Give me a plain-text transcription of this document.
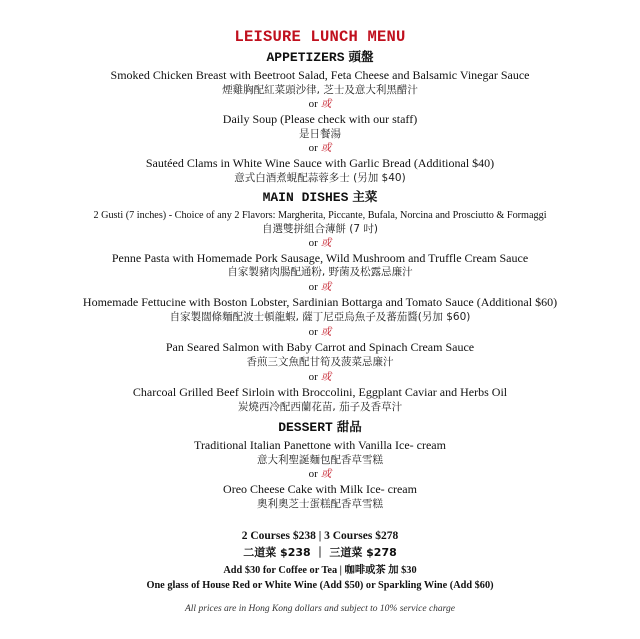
LEISURE LUNCH MENU
APPETIZERS 頭盤
Smoked Chicken Breast with Beetroot Salad, Feta Cheese and Balsamic Vinegar Sauce
煙雞胸配紅菜頭沙律, 芝士及意大利黑醋汁
or 或
Daily Soup (Please check with our staff)
是日餐湯
or 或
Sautéed Clams in White Wine Sauce with Garlic Bread (Additional $40)
意式白酒煮蜆配蒜蓉多士 (另加 $40)
MAIN DISHES 主菜
2 Gusti (7 inches) - Choice of any 2 Flavors: Margherita, Piccante, Bufala, Norcina and Prosciutto & Formaggi
自選雙拼組合薄餅 (7 吋)
or 或
Penne Pasta with Homemade Pork Sausage, Wild Mushroom and Truffle Cream Sauce
自家製豬肉腸配通粉, 野菌及松露忌廉汁
or 或
Homemade Fettucine with Boston Lobster, Sardinian Bottarga and Tomato Sauce (Additional $60)
自家製闊條麵配波士頓龍蝦, 薩丁尼亞烏魚子及蕃茄醬(另加 $60)
or 或
Pan Seared Salmon with Baby Carrot and Spinach Cream Sauce
香煎三文魚配甘筍及菠菜忌廉汁
or 或
Charcoal Grilled Beef Sirloin with Broccolini, Eggplant Caviar and Herbs Oil
炭燒西冷配西蘭花苗, 茄子及香草汁
DESSERT 甜品
Traditional Italian Panettone with Vanilla Ice- cream
意大利聖誕麵包配香草雪糕
or 或
Oreo Cheese Cake with Milk Ice- cream
奧利奧芝士蛋糕配香草雪糕
2 Courses $238 | 3 Courses $278
二道菜 $238 ｜ 三道菜 $278
Add $30 for Coffee or Tea | 咖啡或茶 加 $30
One glass of House Red or White Wine (Add $50) or Sparkling Wine (Add $60)
All prices are in Hong Kong dollars and subject to 10% service charge
